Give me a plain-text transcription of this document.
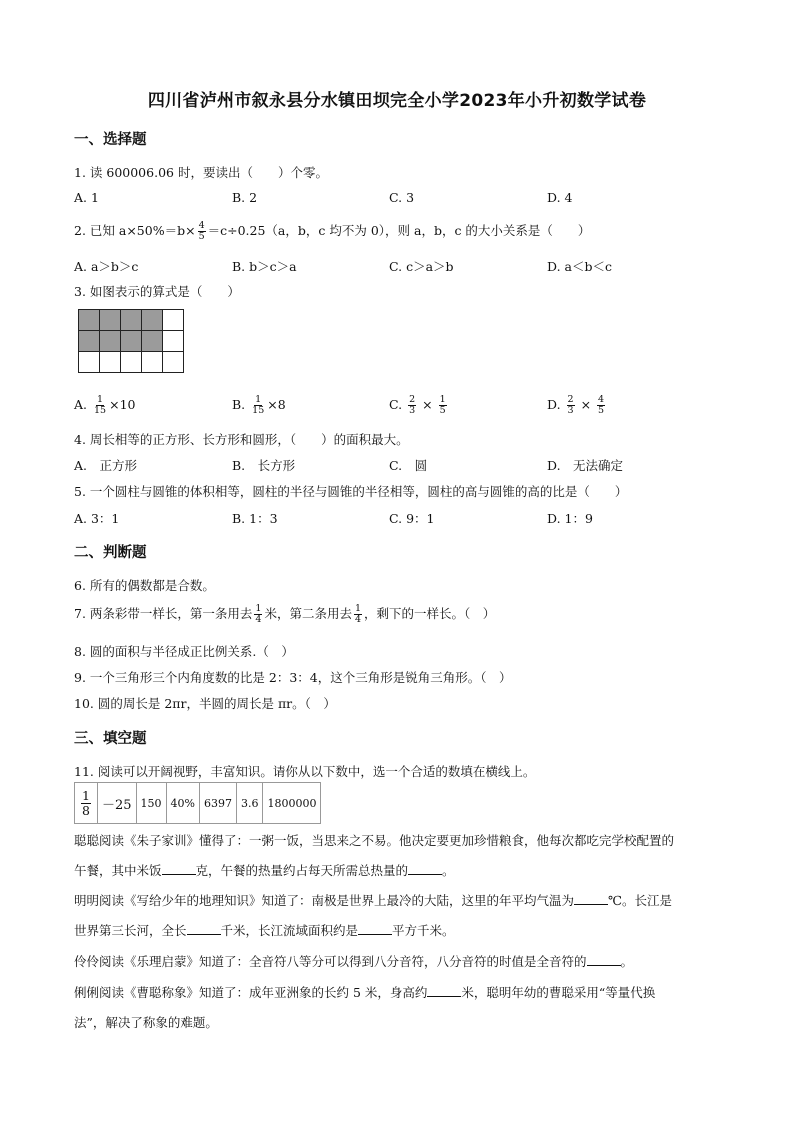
四川省泸州市叙永县分水镇田坝完全小学2023年小升初数学试卷
一、选择题
1. 读 600006.06 时，要读出（　　）个零。
A. 1	B. 2	C. 3	D. 4
2. 已知 $a\times 50\%=b\times \frac{4}{5} =c\div 0.25(a$，b，c 均不为 0），则 a，b，c 的大小关系是（　　）
A. a＞b＞c	B. b＞c＞a	C. c＞a＞b	D. a＜b＜c
3. 如图表示的算式是（　　）

A. $\frac{1}{15} \times 10$	B. $\frac{1}{15} \times 8$	C. $\frac{2}{3} \times \frac{1}{5}$	D. $\frac{2}{3} \times \frac{4}{5}$
4. 周长相等的正方形、长方形和圆形，（　　）的面积最大。
A.　正方形	B.　长方形	C.　圆	D.　无法确定
5. 一个圆柱与圆锥的体积相等，圆柱的半径与圆锥的半径相等，圆柱的高与圆锥的高的比是（　　）
A. 3：1	B. 1：3	C. 9：1	D. 1：9
二、判断题
6. 所有的偶数都是合数。
7. 两条彩带一样长，第一条用去 $\frac{1}{4}$ 米，第二条用去 $\frac{1}{4}$ ，剩下的一样长。（　）
8. 圆的面积与半径成正比例关系.（　）
9. 一个三角形三个内角度数的比是 2：3：4，这个三角形是锐角三角形。（　）
10. 圆的周长是 2πr，半圆的周长是 πr。（　）
三、填空题
11. 阅读可以开阔视野，丰富知识。请你从以下数中，选一个合适的数填在横线上。
$\frac{1}{8}$	－25	150	40%	6397	3.6	1800000
聪聪阅读《朱子家训》懂得了：一粥一饭，当思来之不易。他决定要更加珍惜粮食，他每次都吃完学校配置的
午餐，其中米饭	克，午餐的热量约占每天所需总热量的	。
明明阅读《写给少年的地理知识》知道了：南极是世界上最冷的大陆，这里的年平均气温为	℃。长江是
世界第三长河，全长	千米，长江流域面积约是	平方千米。
伶伶阅读《乐理启蒙》知道了：全音符八等分可以得到八分音符，八分音符的时值是全音符的	。
俐俐阅读《曹聪称象》知道了：成年亚洲象的长约 5 米，身高约	米，聪明年幼的曹聪采用“等量代换
法”，解决了称象的难题。
